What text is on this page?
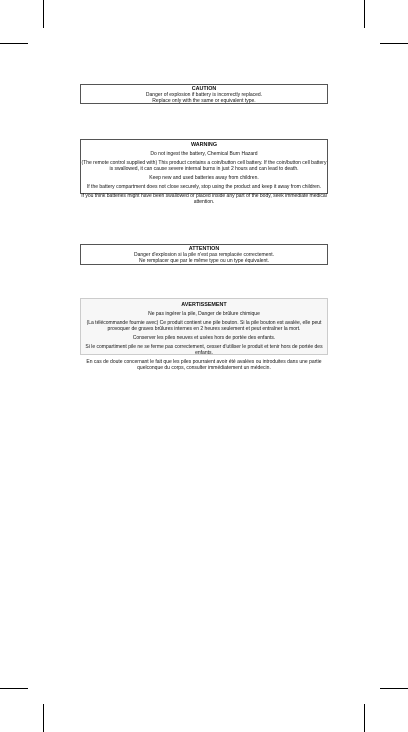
CAUTION
Danger of explosion if battery is incorrectly replaced.
Replace only with the same or equivalent type.
WARNING

Do not ingest the battery, Chemical Burn Hazard

(The remote control supplied with) This product contains a coin/button cell battery. If the coin/button cell battery is swallowed, it can cause severe internal burns in just 2 hours and can lead to death.

Keep new and used batteries away from children.

If the battery compartment does not close securely, stop using the product and keep it away from children.

If you think batteries might have been swallowed or placed inside any part of the body, seek immediate medical attention.

ATTENTION
Danger d'explosion si la pile n'est pas remplacée correctement.
Ne remplacer que par le même type ou un type équivalent.
AVERTISSEMENT

Ne pas ingérer la pile, Danger de brûlure chimique

(La télécommande fournie avec) Ce produit contient une pile bouton. Si la pile bouton est avalée, elle peut provoquer de graves brûlures internes en 2 heures seulement et peut entraîner la mort.

Conserver les piles neuves et usées hors de portée des enfants.

Si le compartiment pile ne se ferme pas correctement, cesser d'utiliser le produit et tenir hors de portée des enfants.

En cas de doute concernant le fait que les piles pourraient avoir été avalées ou introduites dans une partie quelconque du corps, consulter immédiatement un médecin.
